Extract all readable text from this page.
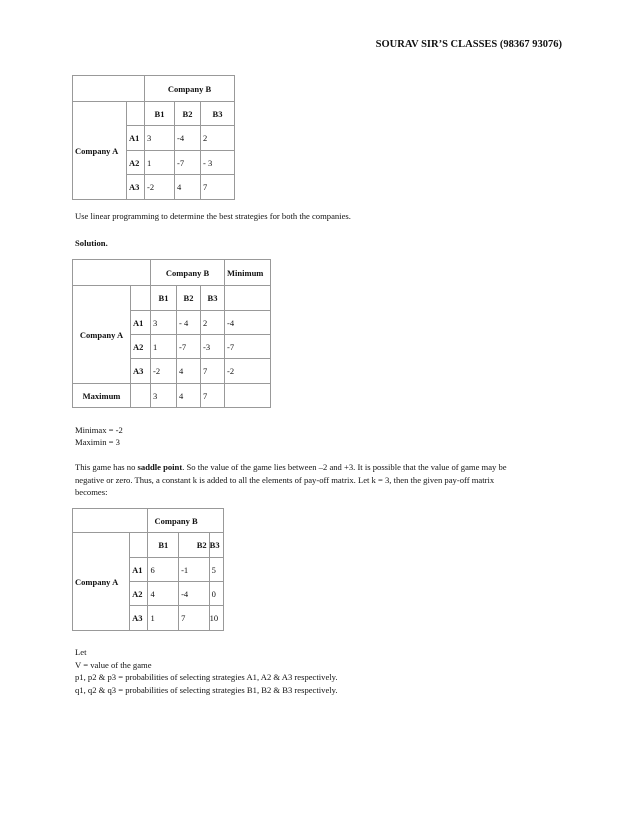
SOURAV SIR’S CLASSES (98367 93076)
		Company B		
Company A		B1	B2	B3
	A1	3	-4	2
	A2	1	-7	- 3
	A3	-2	4	7
Use linear programming to determine the best strategies for both the companies.
Solution.
		Company B			Minimum
Company A		B1	B2	B3	
	A1	3	- 4	2	-4
	A2	1	-7	-3	-7
	A3	-2	4	7	-2
Maximum		3	4	7	
Minimax = -2
Maximin = 3
This game has no saddle point. So the value of the game lies between –2 and +3. It is possible that the value of game may be
negative or zero. Thus, a constant k is added to all the elements of pay-off matrix. Let k = 3, then the given pay-off matrix
becomes:
		Company B		
Company A		B1	B2	B3
	A1	6	-1	5
	A2	4	-4	0
	A3	1	7	10
Let
V = value of the game
p1, p2 & p3 = probabilities of selecting strategies A1, A2 & A3 respectively.
q1, q2 & q3 = probabilities of selecting strategies B1, B2 & B3 respectively.
